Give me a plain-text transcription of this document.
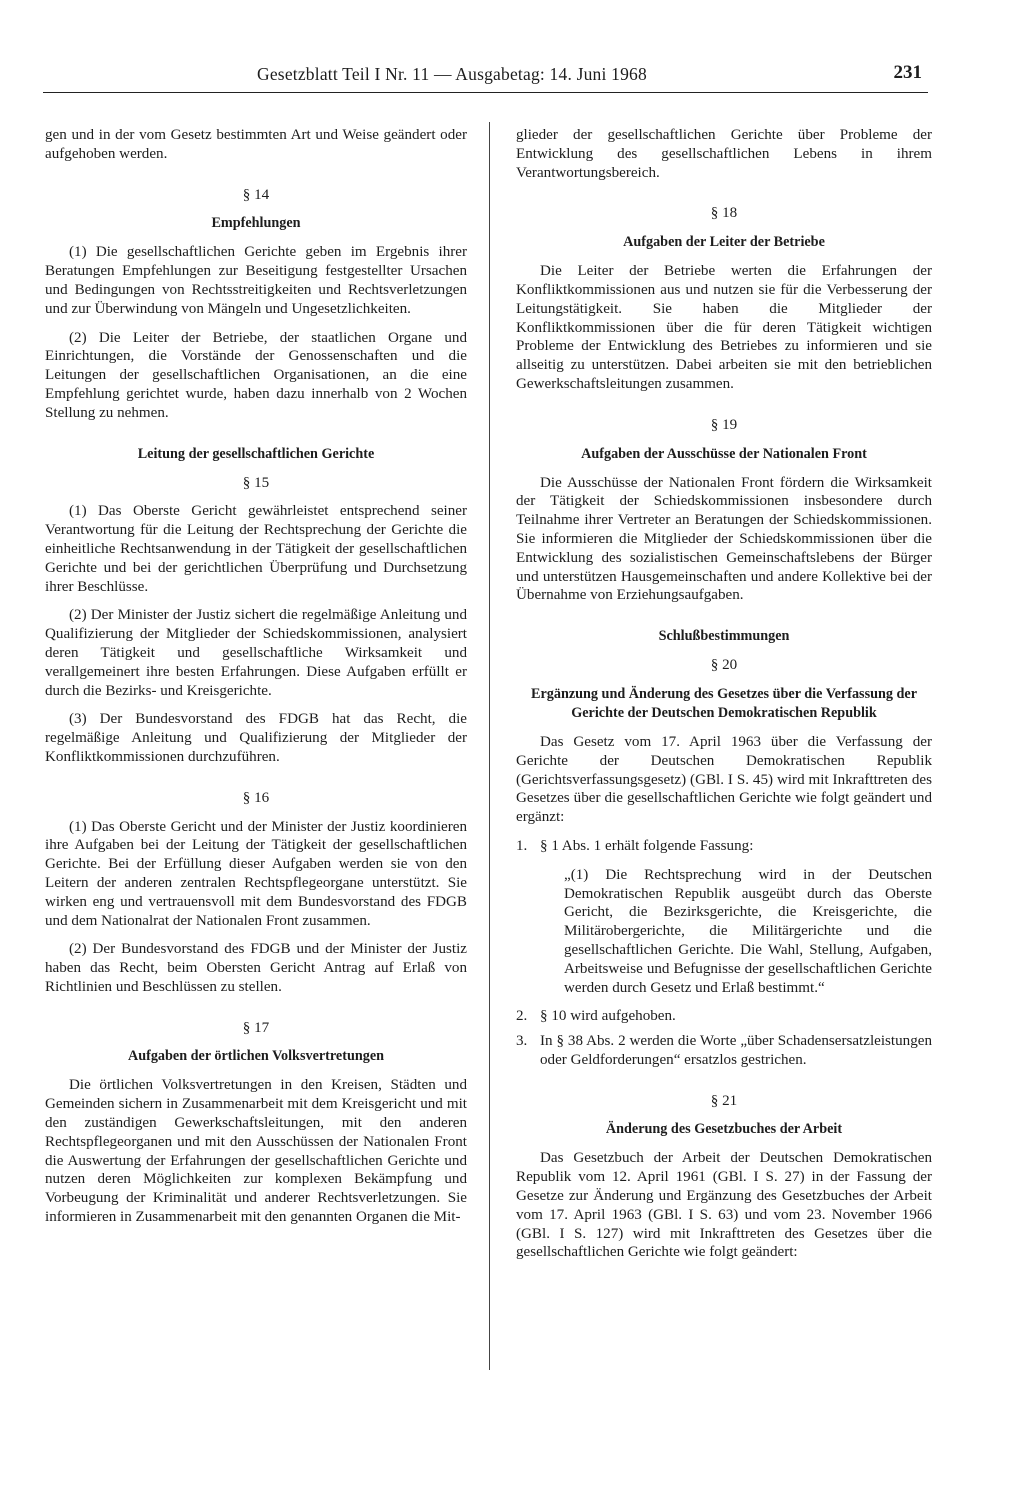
Gesetzblatt Teil I Nr. 11 — Ausgabetag: 14. Juni 1968	231

gen und in der vom Gesetz bestimmten Art und Weise geändert oder aufgehoben werden.

§ 14

Empfehlungen

(1) Die gesellschaftlichen Gerichte geben im Ergebnis ihrer Beratungen Empfehlungen zur Beseitigung festgestellter Ursachen und Bedingungen von Rechtsstreitigkeiten und Rechtsverletzungen und zur Überwindung von Mängeln und Ungesetzlichkeiten.

(2) Die Leiter der Betriebe, der staatlichen Organe und Einrichtungen, die Vorstände der Genossenschaften und die Leitungen der gesellschaftlichen Organisationen, an die eine Empfehlung gerichtet wurde, haben dazu innerhalb von 2 Wochen Stellung zu nehmen.

Leitung der gesellschaftlichen Gerichte

§ 15

(1) Das Oberste Gericht gewährleistet entsprechend seiner Verantwortung für die Leitung der Rechtsprechung der Gerichte die einheitliche Rechtsanwendung in der Tätigkeit der gesellschaftlichen Gerichte und bei der gerichtlichen Überprüfung und Durchsetzung ihrer Beschlüsse.

(2) Der Minister der Justiz sichert die regelmäßige Anleitung und Qualifizierung der Mitglieder der Schiedskommissionen, analysiert deren Tätigkeit und gesellschaftliche Wirksamkeit und verallgemeinert ihre besten Erfahrungen. Diese Aufgaben erfüllt er durch die Bezirks- und Kreisgerichte.

(3) Der Bundesvorstand des FDGB hat das Recht, die regelmäßige Anleitung und Qualifizierung der Mitglieder der Konfliktkommissionen durchzuführen.

§ 16

(1) Das Oberste Gericht und der Minister der Justiz koordinieren ihre Aufgaben bei der Leitung der Tätigkeit der gesellschaftlichen Gerichte. Bei der Erfüllung dieser Aufgaben werden sie von den Leitern der anderen zentralen Rechtspflegeorgane unterstützt. Sie wirken eng und vertrauensvoll mit dem Bundesvorstand des FDGB und dem Nationalrat der Nationalen Front zusammen.

(2) Der Bundesvorstand des FDGB und der Minister der Justiz haben das Recht, beim Obersten Gericht Antrag auf Erlaß von Richtlinien und Beschlüssen zu stellen.

§ 17

Aufgaben der örtlichen Volksvertretungen

Die örtlichen Volksvertretungen in den Kreisen, Städten und Gemeinden sichern in Zusammenarbeit mit dem Kreisgericht und mit den zuständigen Gewerkschaftsleitungen, mit den anderen Rechtspflegeorganen und mit den Ausschüssen der Nationalen Front die Auswertung der Erfahrungen der gesellschaftlichen Gerichte und nutzen deren Möglichkeiten zur komplexen Bekämpfung und Vorbeugung der Kriminalität und anderer Rechtsverletzungen. Sie informieren in Zusammenarbeit mit den genannten Organen die Mit-

glieder der gesellschaftlichen Gerichte über Probleme der Entwicklung des gesellschaftlichen Lebens in ihrem Verantwortungsbereich.

§ 18

Aufgaben der Leiter der Betriebe

Die Leiter der Betriebe werten die Erfahrungen der Konfliktkommissionen aus und nutzen sie für die Verbesserung der Leitungstätigkeit. Sie haben die Mitglieder der Konfliktkommissionen über die für deren Tätigkeit wichtigen Probleme der Entwicklung des Betriebes zu informieren und sie allseitig zu unterstützen. Dabei arbeiten sie mit den betrieblichen Gewerkschaftsleitungen zusammen.

§ 19

Aufgaben der Ausschüsse der Nationalen Front

Die Ausschüsse der Nationalen Front fördern die Wirksamkeit der Tätigkeit der Schiedskommissionen insbesondere durch Teilnahme ihrer Vertreter an Beratungen der Schiedskommissionen. Sie informieren die Mitglieder der Schiedskommissionen über die Entwicklung des sozialistischen Gemeinschaftslebens der Bürger und unterstützen Hausgemeinschaften und andere Kollektive bei der Übernahme von Erziehungsaufgaben.

Schlußbestimmungen

§ 20

Ergänzung und Änderung des Gesetzes über die Verfassung der Gerichte der Deutschen Demokratischen Republik

Das Gesetz vom 17. April 1963 über die Verfassung der Gerichte der Deutschen Demokratischen Republik (Gerichtsverfassungsgesetz) (GBl. I S. 45) wird mit Inkrafttreten des Gesetzes über die gesellschaftlichen Gerichte wie folgt geändert und ergänzt:

1. § 1 Abs. 1 erhält folgende Fassung:

„(1) Die Rechtsprechung wird in der Deutschen Demokratischen Republik ausgeübt durch das Oberste Gericht, die Bezirksgerichte, die Kreisgerichte, die Militärobergerichte, die Militärgerichte und die gesellschaftlichen Gerichte. Die Wahl, Stellung, Aufgaben, Arbeitsweise und Befugnisse der gesellschaftlichen Gerichte werden durch Gesetz und Erlaß bestimmt.“

2. § 10 wird aufgehoben.
3. In § 38 Abs. 2 werden die Worte „über Schadensersatzleistungen oder Geldforderungen“ ersatzlos gestrichen.

§ 21

Änderung des Gesetzbuches der Arbeit

Das Gesetzbuch der Arbeit der Deutschen Demokratischen Republik vom 12. April 1961 (GBl. I S. 27) in der Fassung der Gesetze zur Änderung und Ergänzung des Gesetzbuches der Arbeit vom 17. April 1963 (GBl. I S. 63) und vom 23. November 1966 (GBl. I S. 127) wird mit Inkrafttreten des Gesetzes über die gesellschaftlichen Gerichte wie folgt geändert:
